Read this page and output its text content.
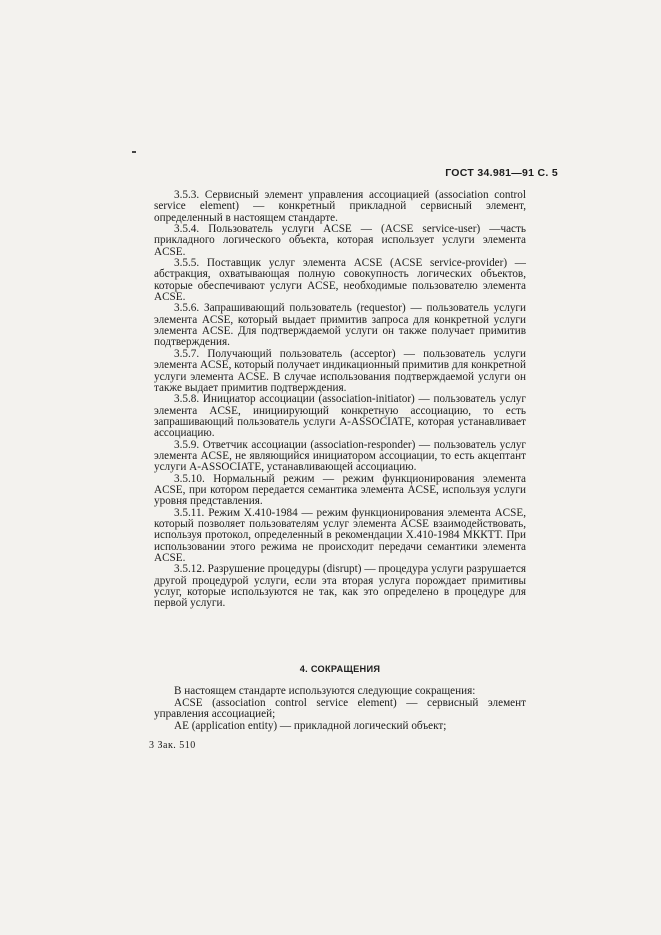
ГОСТ 34.981—91 С. 5

3.5.3. Сервисный элемент управления ассоциацией (association control service element) — конкретный прикладной сервисный элемент, определенный в настоящем стандарте.

3.5.4. Пользователь услуги ACSE — (ACSE service-user) —часть прикладного логического объекта, которая использует услуги элемента ACSE.

3.5.5. Поставщик услуг элемента ACSE (ACSE service-provider) — абстракция, охватывающая полную совокупность логических объектов, которые обеспечивают услуги ACSE, необходимые пользователю элемента ACSE.

3.5.6. Запрашивающий пользователь (requestor) — пользователь услуги элемента ACSE, который выдает примитив запроса для конкретной услуги элемента ACSE. Для подтверждаемой услуги он также получает примитив подтверждения.

3.5.7. Получающий пользователь (acceptor) — пользователь услуги элемента ACSE, который получает индикационный примитив для конкретной услуги элемента ACSE. В случае использования подтверждаемой услуги он также выдает примитив подтверждения.

3.5.8. Инициатор ассоциации (association-initiator) — пользователь услуг элемента ACSE, инициирующий конкретную ассоциацию, то есть запрашивающий пользователь услуги A-ASSOCIATE, которая устанавливает ассоциацию.

3.5.9. Ответчик ассоциации (association-responder) — пользователь услуг элемента ACSE, не являющийся инициатором ассоциации, то есть акцептант услуги A-ASSOCIATE, устанавливающей ассоциацию.

3.5.10. Нормальный режим — режим функционирования элемента ACSE, при котором передается семантика элемента ACSE, используя услуги уровня представления.

3.5.11. Режим X.410-1984 — режим функционирования элемента ACSE, который позволяет пользователям услуг элемента ACSE взаимодействовать, используя протокол, определенный в рекомендации X.410-1984 МККТТ. При использовании этого режима не происходит передачи семантики элемента ACSE.

3.5.12. Разрушение процедуры (disrupt) — процедура услуги разрушается другой процедурой услуги, если эта вторая услуга порождает примитивы услуг, которые используются не так, как это определено в процедуре для первой услуги.

4. СОКРАЩЕНИЯ

В настоящем стандарте используются следующие сокращения:

ACSE (association control service element) — сервисный элемент управления ассоциацией;

AE (application entity) — прикладной логический объект;

3 Зак. 510
